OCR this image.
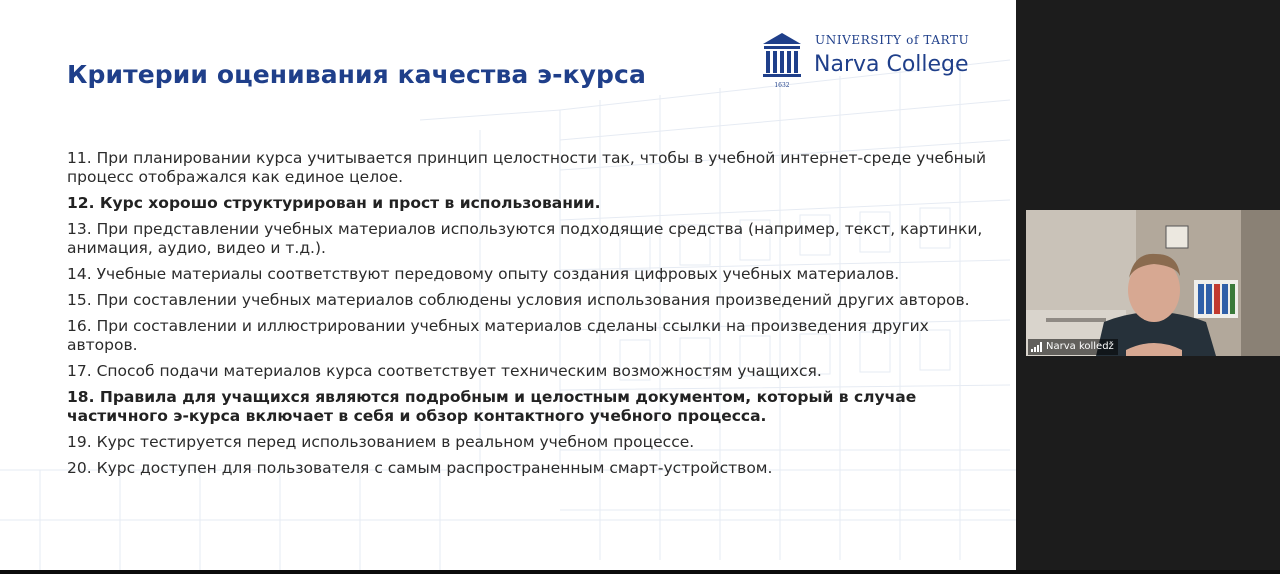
Критерии оценивания качества э-курса	1632
UNIVERSITY of TARTU
Narva College
11. При планировании курса учитывается принцип целостности так, чтобы в учебной интернет-среде учебный процесс отображался как единое целое.
12. Курс хорошо структурирован и прост в использовании.
13. При представлении учебных материалов используются подходящие средства (например, текст, картинки, анимация, аудио, видео и т.д.).
14. Учебные материалы соответствуют передовому опыту создания цифровых учебных материалов.
15. При составлении учебных материалов соблюдены условия использования произведений других авторов.
16. При составлении и иллюстрировании учебных материалов сделаны ссылки на произведения других авторов.
17. Способ подачи материалов курса соответствует техническим возможностям учащихся.
18. Правила для учащихся являются подробным и целостным документом, который в случае частичного э-курса включает в себя и обзор контактного учебного процесса.
19. Курс тестируется перед использованием в реальном учебном процессе.
20. Курс доступен для пользователя с самым распространенным смарт-устройством.
Narva kolledž
